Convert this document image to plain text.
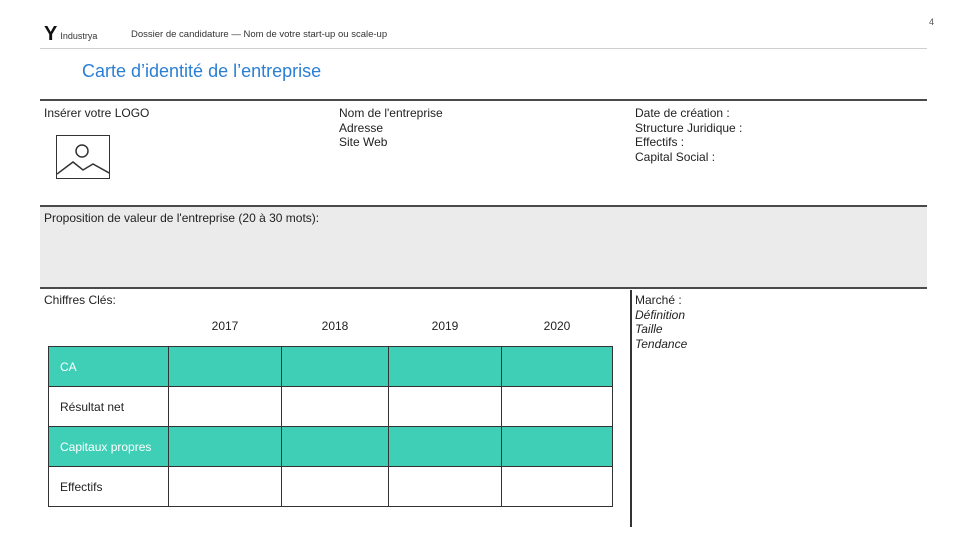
Y Industrya	Dossier de candidature — Nom de votre start-up ou scale-up
4
Carte d’identité de l’entreprise
Insérer votre LOGO	Nom de l'entreprise
Adresse
Site Web
Date de création :
Structure Juridique :
Effectifs :
Capital Social :
Proposition de valeur de l'entreprise (20 à 30 mots):
Chiffres Clés:
	2017	2018	2019	2020
CA				
Résultat net				
Capitaux propres				
Effectifs				
Marché :
Définition
Taille
Tendance
